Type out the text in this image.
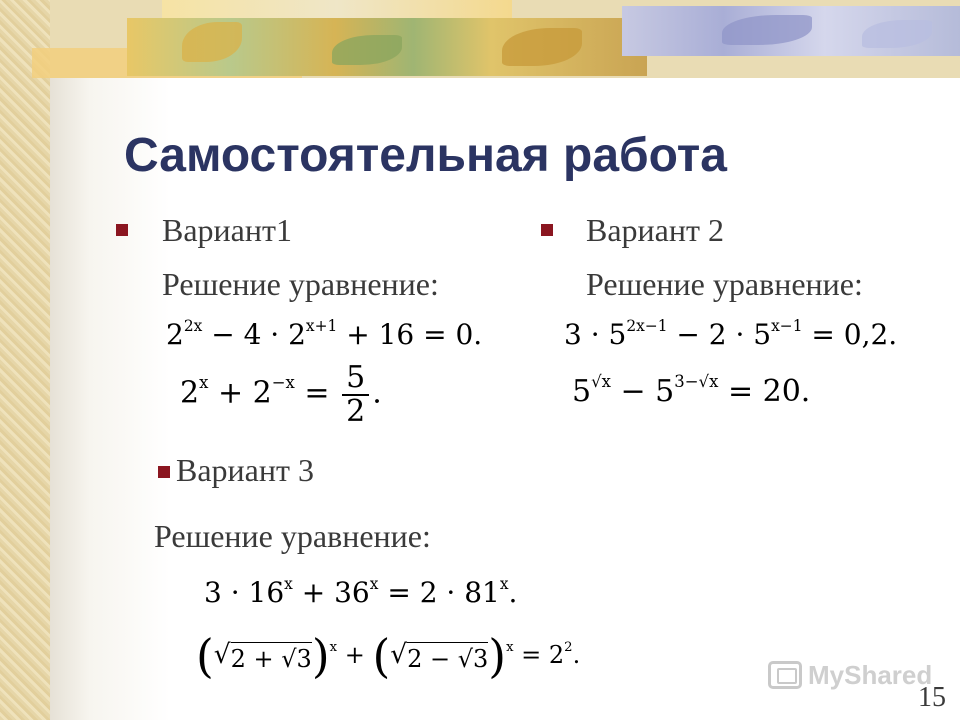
Самостоятельная работа
Вариант1
Решение уравнение:
$2^{2x} - 4 \cdot 2^{x+1} + 16 = 0$.
$2^x + 2^{-x} = \frac{5}{2}$ .
Вариант 2
Решение уравнение:
$3 \cdot 5^{2x-1} - 2 \cdot 5^{x-1} = 0,2$.
$5^{√x} - 5^{3-√x} = 20$.
Вариант 3
Решение уравнение:
$3 \cdot 16^x + 36^x = 2 \cdot 81^x$.
( √ 2 + √3 )$^x$ + ( √ 2 − √3 )$^x = 2^2$.
MyShared
15
